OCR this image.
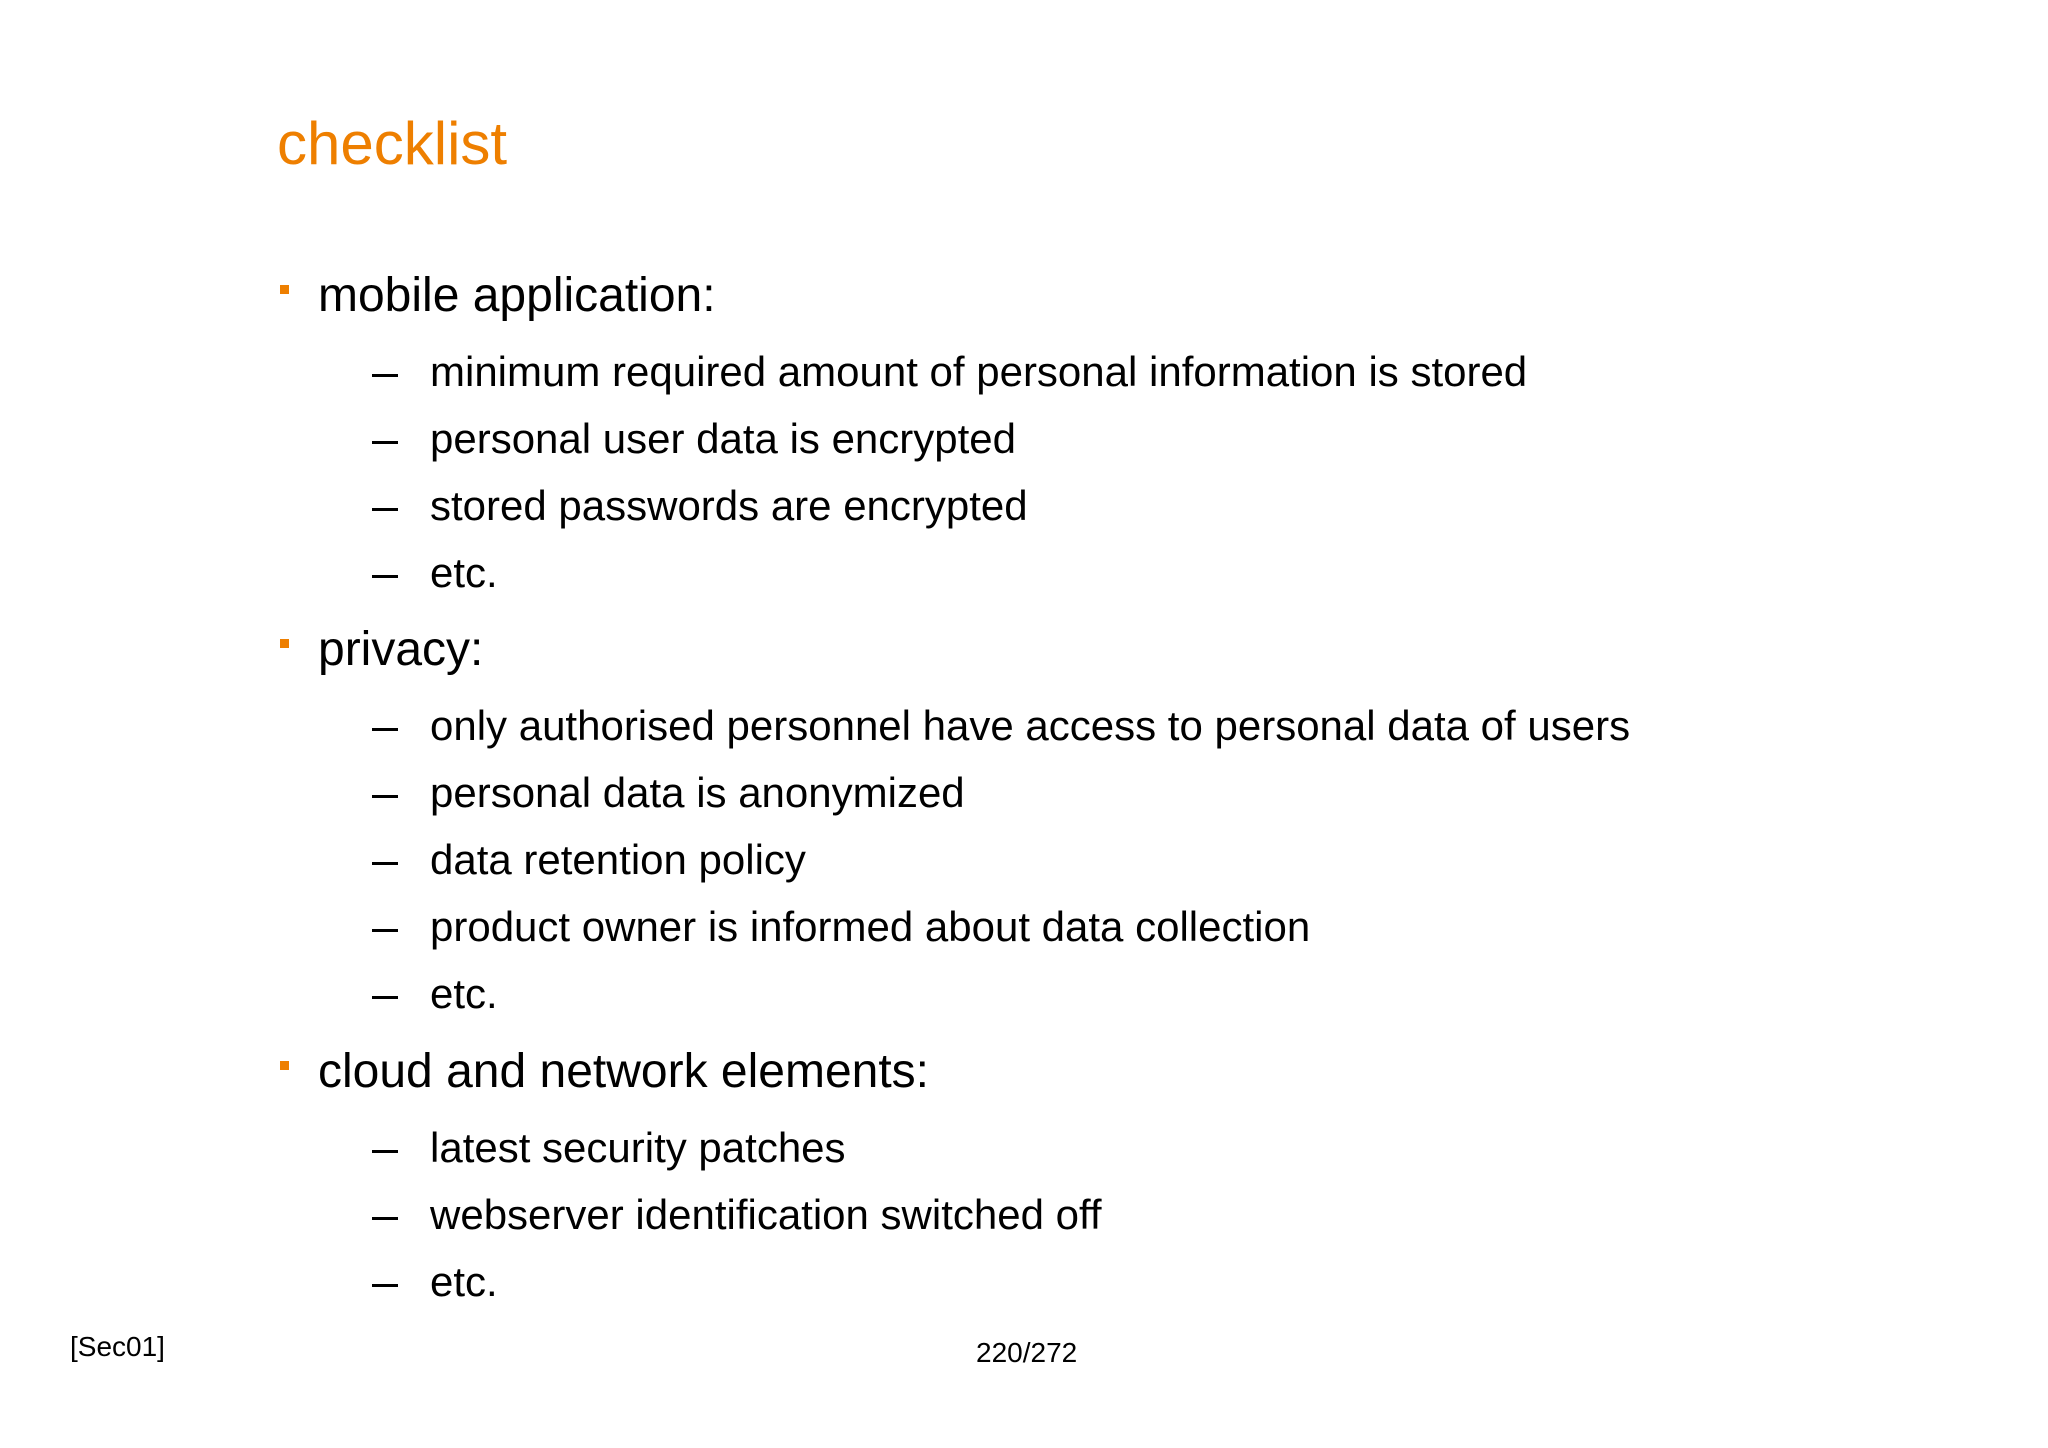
checklist
mobile application:
minimum required amount of personal information is stored
personal user data is encrypted
stored passwords are encrypted
etc.
privacy:
only authorised personnel have access to personal data of users
personal data is anonymized
data retention policy
product owner is informed about data collection
etc.
cloud and network elements:
latest security patches
webserver identification switched off
etc.
[Sec01]	220/272
